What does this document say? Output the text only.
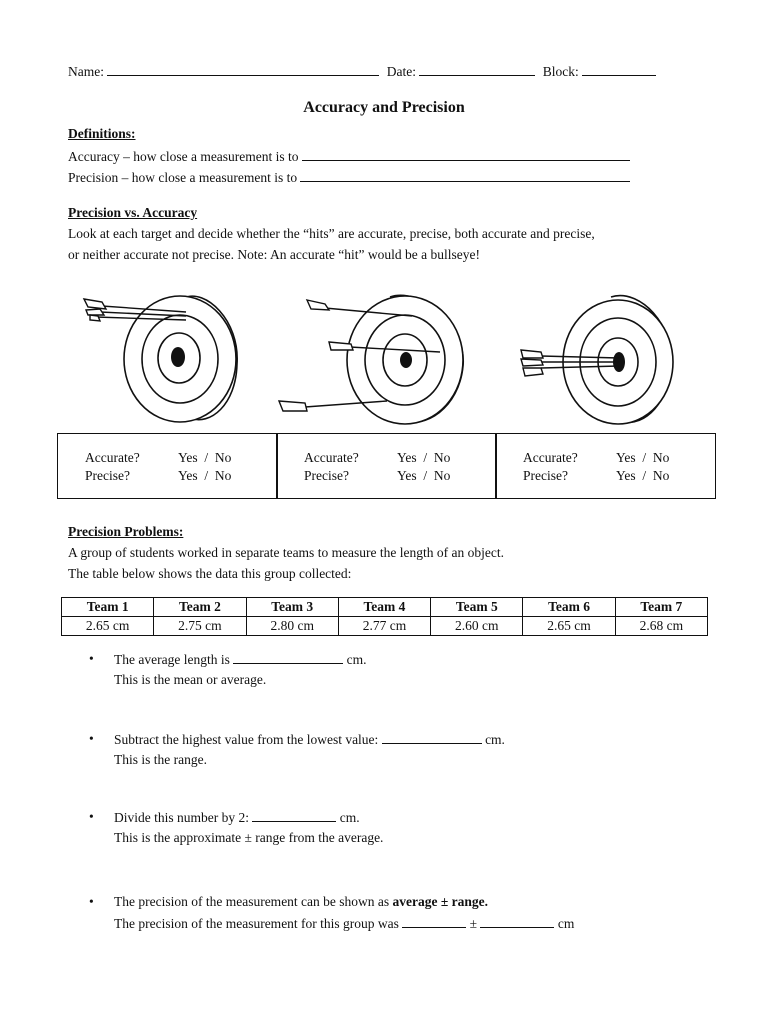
Name:	Date:	Block:
Accuracy and Precision
Definitions:
Accuracy – how close a measurement is to
Precision – how close a measurement is to
Precision vs. Accuracy
Look at each target and decide whether the “hits” are accurate, precise, both accurate and precise,
or neither accurate not precise. Note: An accurate “hit” would be a bullseye!
Accurate?	Yes  /  No
Precise?	Yes  /  No
Accurate?	Yes  /  No
Precise?	Yes  /  No
Accurate?	Yes  /  No
Precise?	Yes  /  No
Precision Problems:
A group of students worked in separate teams to measure the length of an object.
The table below shows the data this group collected:
Team 1	Team 2	Team 3	Team 4	Team 5	Team 6	Team 7
2.65 cm	2.75 cm	2.80 cm	2.77 cm	2.60 cm	2.65 cm	2.68 cm
• The average length is	cm.
This is the mean or average.
• Subtract the highest value from the lowest value:	cm.
This is the range.
• Divide this number by 2:	cm.
This is the approximate ± range from the average.
• The precision of the measurement can be shown as average ± range.
The precision of the measurement for this group was	±	cm
